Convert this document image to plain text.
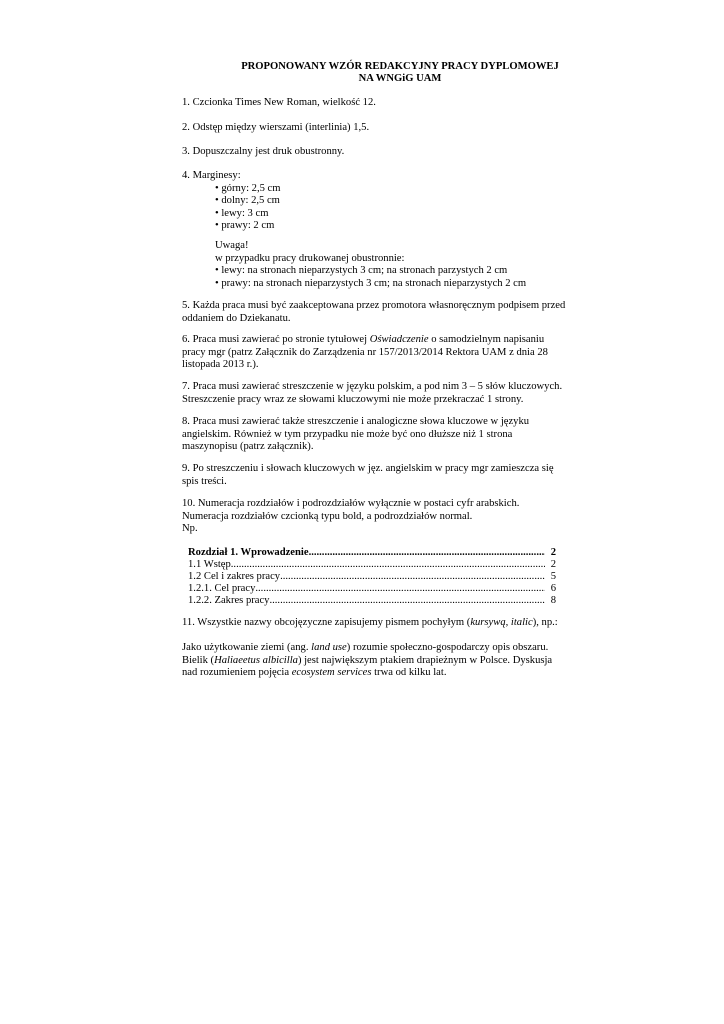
PROPONOWANY WZÓR REDAKCYJNY PRACY DYPLOMOWEJ
NA WNGiG UAM
1. Czcionka Times New Roman, wielkość 12.
2. Odstęp między wierszami (interlinia) 1,5.
3. Dopuszczalny jest druk obustronny.
4. Marginesy:
• górny: 2,5 cm
• dolny: 2,5 cm
• lewy: 3 cm
• prawy: 2 cm
Uwaga!
w przypadku pracy drukowanej obustronnie:
• lewy: na stronach nieparzystych 3 cm; na stronach parzystych 2 cm
• prawy: na stronach nieparzystych 3 cm; na stronach nieparzystych 2 cm
5. Każda praca musi być zaakceptowana przez promotora własnoręcznym podpisem przed
oddaniem do Dziekanatu.
6. Praca musi zawierać po stronie tytułowej Oświadczenie o samodzielnym napisaniu
pracy mgr (patrz Załącznik do Zarządzenia nr 157/2013/2014 Rektora UAM z dnia 28
listopada 2013 r.).
7. Praca musi zawierać streszczenie w języku polskim, a pod nim 3 – 5 słów kluczowych.
Streszczenie pracy wraz ze słowami kluczowymi nie może przekraczać 1 strony.
8. Praca musi zawierać także streszczenie i analogiczne słowa kluczowe w języku
angielskim. Również w tym przypadku nie może być ono dłuższe niż 1 strona
maszynopisu (patrz załącznik).
9. Po streszczeniu i słowach kluczowych w jęz. angielskim w pracy mgr zamieszcza się
spis treści.
10. Numeracja rozdziałów i podrozdziałów wyłącznie w postaci cyfr arabskich.
Numeracja rozdziałów czcionką typu bold, a podrozdziałów normal.
Np.
Rozdział 1. Wprowadzenie .....	2
1.1 Wstęp .....	2
1.2 Cel i zakres pracy .....	5
1.2.1. Cel pracy .....	6
1.2.2. Zakres pracy .....	8
11. Wszystkie nazwy obcojęzyczne zapisujemy pismem pochyłym (kursywą, italic), np.:
Jako użytkowanie ziemi (ang. land use) rozumie społeczno-gospodarczy opis obszaru.
Bielik (Haliaeetus albicilla) jest największym ptakiem drapieżnym w Polsce. Dyskusja
nad rozumieniem pojęcia ecosystem services trwa od kilku lat.
